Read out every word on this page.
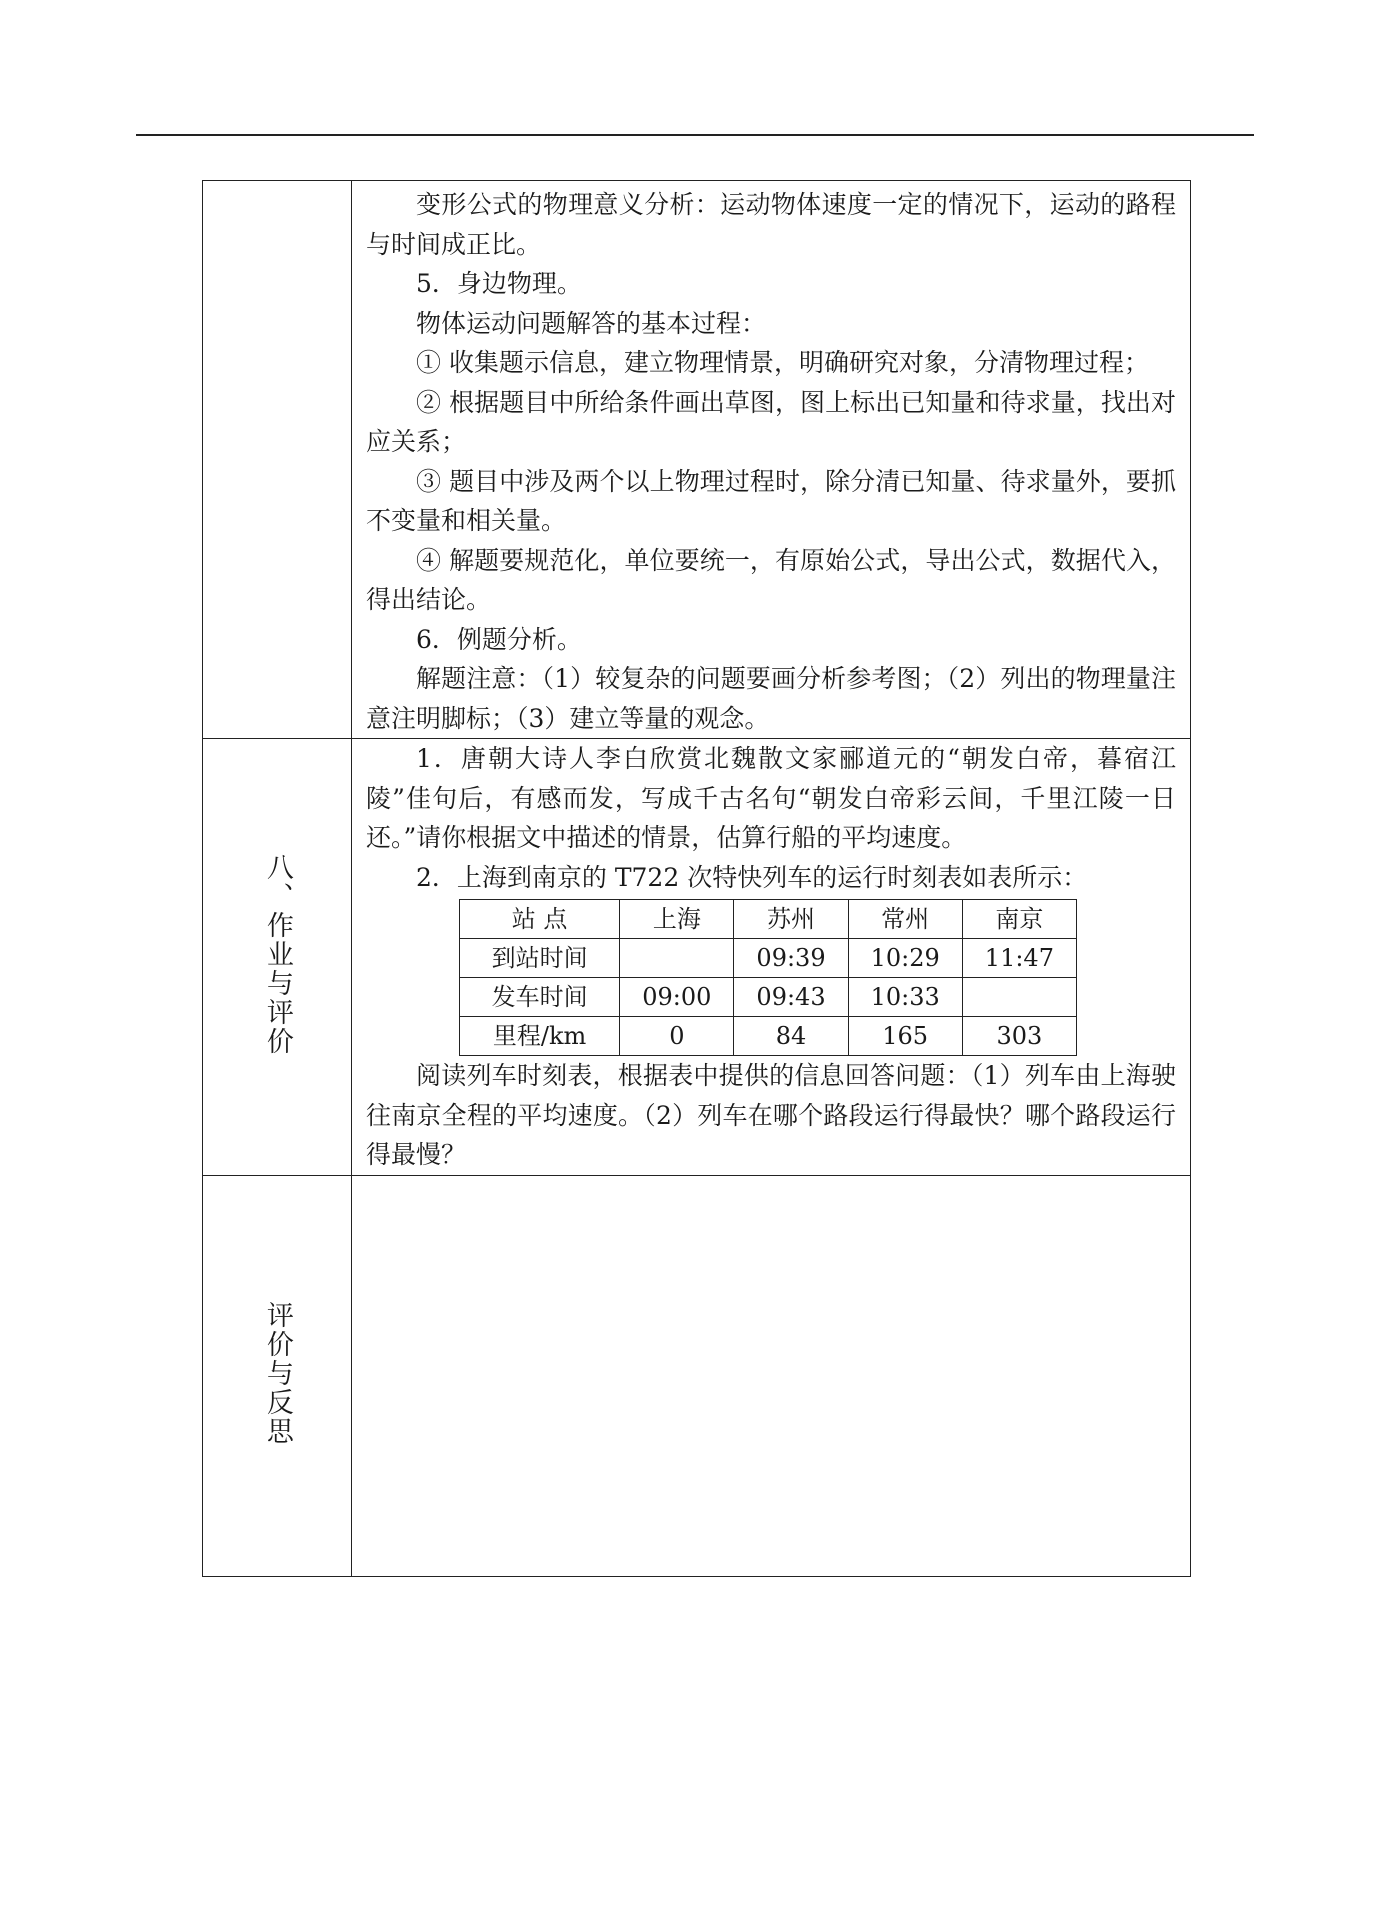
变形公式的物理意义分析：运动物体速度一定的情况下，运动的路程与时间成正比。

5．身边物理。

物体运动问题解答的基本过程：

① 收集题示信息，建立物理情景，明确研究对象，分清物理过程；

② 根据题目中所给条件画出草图，图上标出已知量和待求量，找出对应关系；

③ 题目中涉及两个以上物理过程时，除分清已知量、待求量外，要抓不变量和相关量。

④ 解题要规范化，单位要统一，有原始公式，导出公式，数据代入，得出结论。

6．例题分析。

解题注意：（1）较复杂的问题要画分析参考图；（2）列出的物理量注意注明脚标；（3）建立等量的观念。

八、作业与评价	

1．唐朝大诗人李白欣赏北魏散文家郦道元的“朝发白帝，暮宿江陵”佳句后，有感而发，写成千古名句“朝发白帝彩云间，千里江陵一日还。”请你根据文中描述的情景，估算行船的平均速度。

2．上海到南京的 T722 次特快列车的运行时刻表如表所示：

站 点	上海	苏州	常州	南京
到站时间		09:39	10:29	11:47
发车时间	09:00	09:43	10:33	
里程/km	0	84	165	303

阅读列车时刻表，根据表中提供的信息回答问题：（1）列车由上海驶往南京全程的平均速度。（2）列车在哪个路段运行得最快？哪个路段运行得最慢？

评价与反思	
